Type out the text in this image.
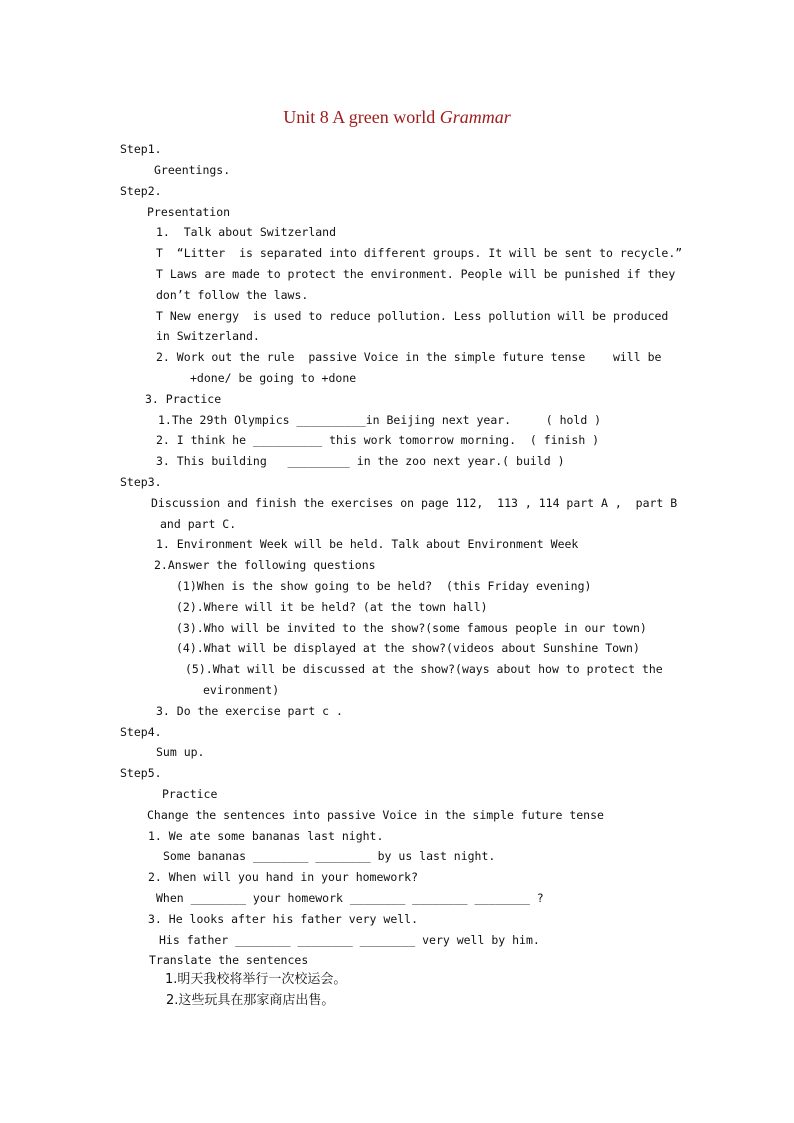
Unit 8 A green world Grammar
Step1.
Greentings.
Step2.
Presentation
1.  Talk about Switzerland
T  “Litter  is separated into different groups. It will be sent to recycle.”
T Laws are made to protect the environment. People will be punished if they
don’t follow the laws.
T New energy  is used to reduce pollution. Less pollution will be produced
in Switzerland.
2. Work out the rule  passive Voice in the simple future tense    will be
+done/ be going to +done
3. Practice
1.The 29th Olympics __________in Beijing next year.     ( hold )
2. I think he __________ this work tomorrow morning.  ( finish )
3. This building   _________ in the zoo next year.( build )
Step3.
Discussion and finish the exercises on page 112,  113 , 114 part A ,  part B
and part C.
1. Environment Week will be held. Talk about Environment Week
2.Answer the following questions
(1)When is the show going to be held?  (this Friday evening)
(2).Where will it be held? (at the town hall)
(3).Who will be invited to the show?(some famous people in our town)
(4).What will be displayed at the show?(videos about Sunshine Town)
(5).What will be discussed at the show?(ways about how to protect the
evironment)
3. Do the exercise part c .
Step4.
Sum up.
Step5.
Practice
Change the sentences into passive Voice in the simple future tense
1. We ate some bananas last night.
Some bananas ________ ________ by us last night.
2. When will you hand in your homework?
When ________ your homework ________ ________ ________ ?
3. He looks after his father very well.
His father ________ ________ ________ very well by him.
Translate the sentences
1.明天我校将举行一次校运会。
2.这些玩具在那家商店出售。
